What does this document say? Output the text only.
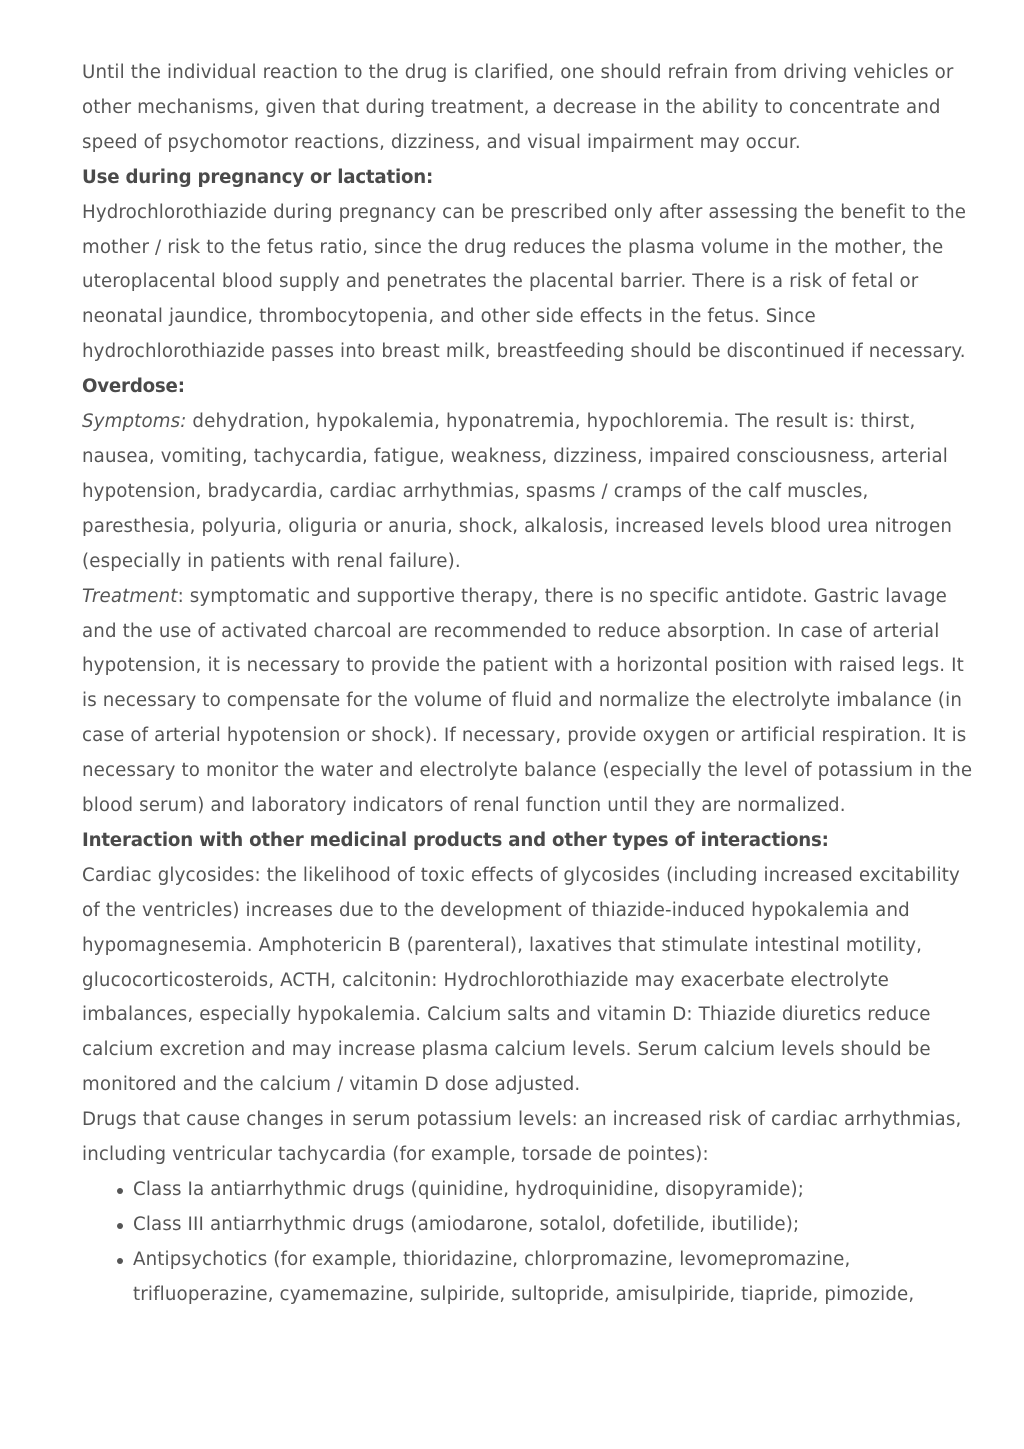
Until the individual reaction to the drug is clarified, one should refrain from driving vehicles or other mechanisms, given that during treatment, a decrease in the ability to concentrate and speed of psychomotor reactions, dizziness, and visual impairment may occur.

Use during pregnancy or lactation:

Hydrochlorothiazide during pregnancy can be prescribed only after assessing the benefit to the mother / risk to the fetus ratio, since the drug reduces the plasma volume in the mother, the uteroplacental blood supply and penetrates the placental barrier. There is a risk of fetal or neonatal jaundice, thrombocytopenia, and other side effects in the fetus. Since hydrochlorothiazide passes into breast milk, breastfeeding should be discontinued if necessary.

Overdose:

Symptoms: dehydration, hypokalemia, hyponatremia, hypochloremia. The result is: thirst, nausea, vomiting, tachycardia, fatigue, weakness, dizziness, impaired consciousness, arterial hypotension, bradycardia, cardiac arrhythmias, spasms / cramps of the calf muscles, paresthesia, polyuria, oliguria or anuria, shock, alkalosis, increased levels blood urea nitrogen (especially in patients with renal failure).

Treatment: symptomatic and supportive therapy, there is no specific antidote. Gastric lavage and the use of activated charcoal are recommended to reduce absorption. In case of arterial hypotension, it is necessary to provide the patient with a horizontal position with raised legs. It is necessary to compensate for the volume of fluid and normalize the electrolyte imbalance (in case of arterial hypotension or shock). If necessary, provide oxygen or artificial respiration. It is necessary to monitor the water and electrolyte balance (especially the level of potassium in the blood serum) and laboratory indicators of renal function until they are normalized.

Interaction with other medicinal products and other types of interactions:

Cardiac glycosides: the likelihood of toxic effects of glycosides (including increased excitability of the ventricles) increases due to the development of thiazide-induced hypokalemia and hypomagnesemia. Amphotericin B (parenteral), laxatives that stimulate intestinal motility, glucocorticosteroids, ACTH, calcitonin: Hydrochlorothiazide may exacerbate electrolyte imbalances, especially hypokalemia. Calcium salts and vitamin D: Thiazide diuretics reduce calcium excretion and may increase plasma calcium levels. Serum calcium levels should be monitored and the calcium / vitamin D dose adjusted.

Drugs that cause changes in serum potassium levels: an increased risk of cardiac arrhythmias, including ventricular tachycardia (for example, torsade de pointes):

Class Ia antiarrhythmic drugs (quinidine, hydroquinidine, disopyramide);
Class III antiarrhythmic drugs (amiodarone, sotalol, dofetilide, ibutilide);
Antipsychotics (for example, thioridazine, chlorpromazine, levomepromazine, trifluoperazine, cyamemazine, sulpiride, sultopride, amisulpiride, tiapride, pimozide,
